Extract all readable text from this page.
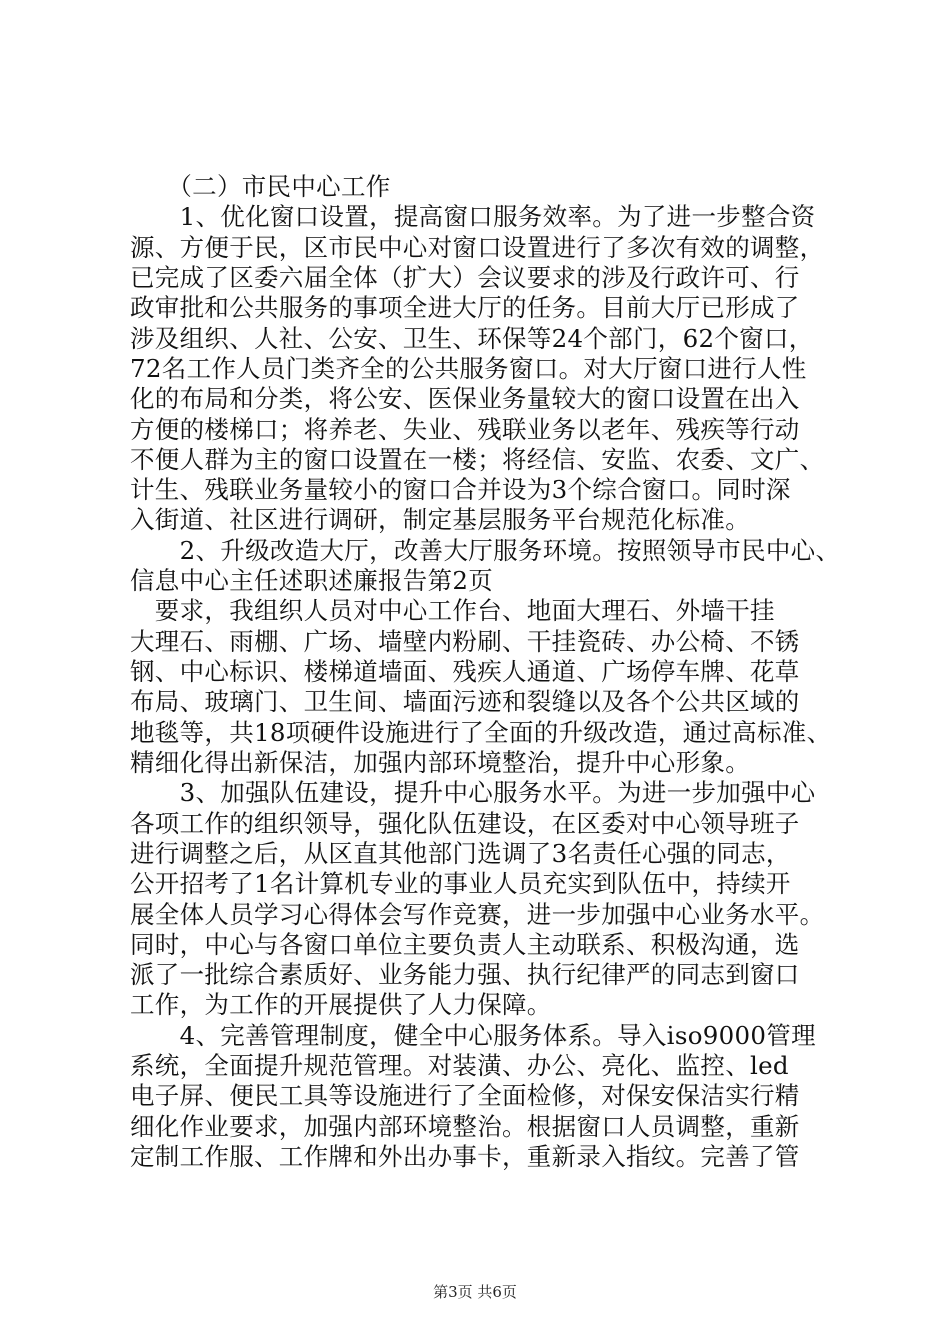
　　（二）市民中心工作
　　1、优化窗口设置，提高窗口服务效率。为了进一步整合资
源、方便于民，区市民中心对窗口设置进行了多次有效的调整，
已完成了区委六届全体（扩大）会议要求的涉及行政许可、行
政审批和公共服务的事项全进大厅的任务。目前大厅已形成了
涉及组织、人社、公安、卫生、环保等24个部门，62个窗口，
72名工作人员门类齐全的公共服务窗口。对大厅窗口进行人性
化的布局和分类，将公安、医保业务量较大的窗口设置在出入
方便的楼梯口；将养老、失业、残联业务以老年、残疾等行动
不便人群为主的窗口设置在一楼；将经信、安监、农委、文广、
计生、残联业务量较小的窗口合并设为3个综合窗口。同时深
入街道、社区进行调研，制定基层服务平台规范化标准。
　　2、升级改造大厅，改善大厅服务环境。按照领导市民中心、
信息中心主任述职述廉报告第2页
　要求，我组织人员对中心工作台、地面大理石、外墙干挂
大理石、雨棚、广场、墙壁内粉刷、干挂瓷砖、办公椅、不锈
钢、中心标识、楼梯道墙面、残疾人通道、广场停车牌、花草
布局、玻璃门、卫生间、墙面污迹和裂缝以及各个公共区域的
地毯等，共18项硬件设施进行了全面的升级改造，通过高标准、
精细化得出新保洁，加强内部环境整治，提升中心形象。
　　3、加强队伍建设，提升中心服务水平。为进一步加强中心
各项工作的组织领导，强化队伍建设，在区委对中心领导班子
进行调整之后，从区直其他部门选调了3名责任心强的同志，
公开招考了1名计算机专业的事业人员充实到队伍中，持续开
展全体人员学习心得体会写作竞赛，进一步加强中心业务水平。
同时，中心与各窗口单位主要负责人主动联系、积极沟通，选
派了一批综合素质好、业务能力强、执行纪律严的同志到窗口
工作，为工作的开展提供了人力保障。
　　4、完善管理制度，健全中心服务体系。导入iso9000管理
系统，全面提升规范管理。对装潢、办公、亮化、监控、led
电子屏、便民工具等设施进行了全面检修，对保安保洁实行精
细化作业要求，加强内部环境整治。根据窗口人员调整，重新
定制工作服、工作牌和外出办事卡，重新录入指纹。完善了管
第3页 共6页
